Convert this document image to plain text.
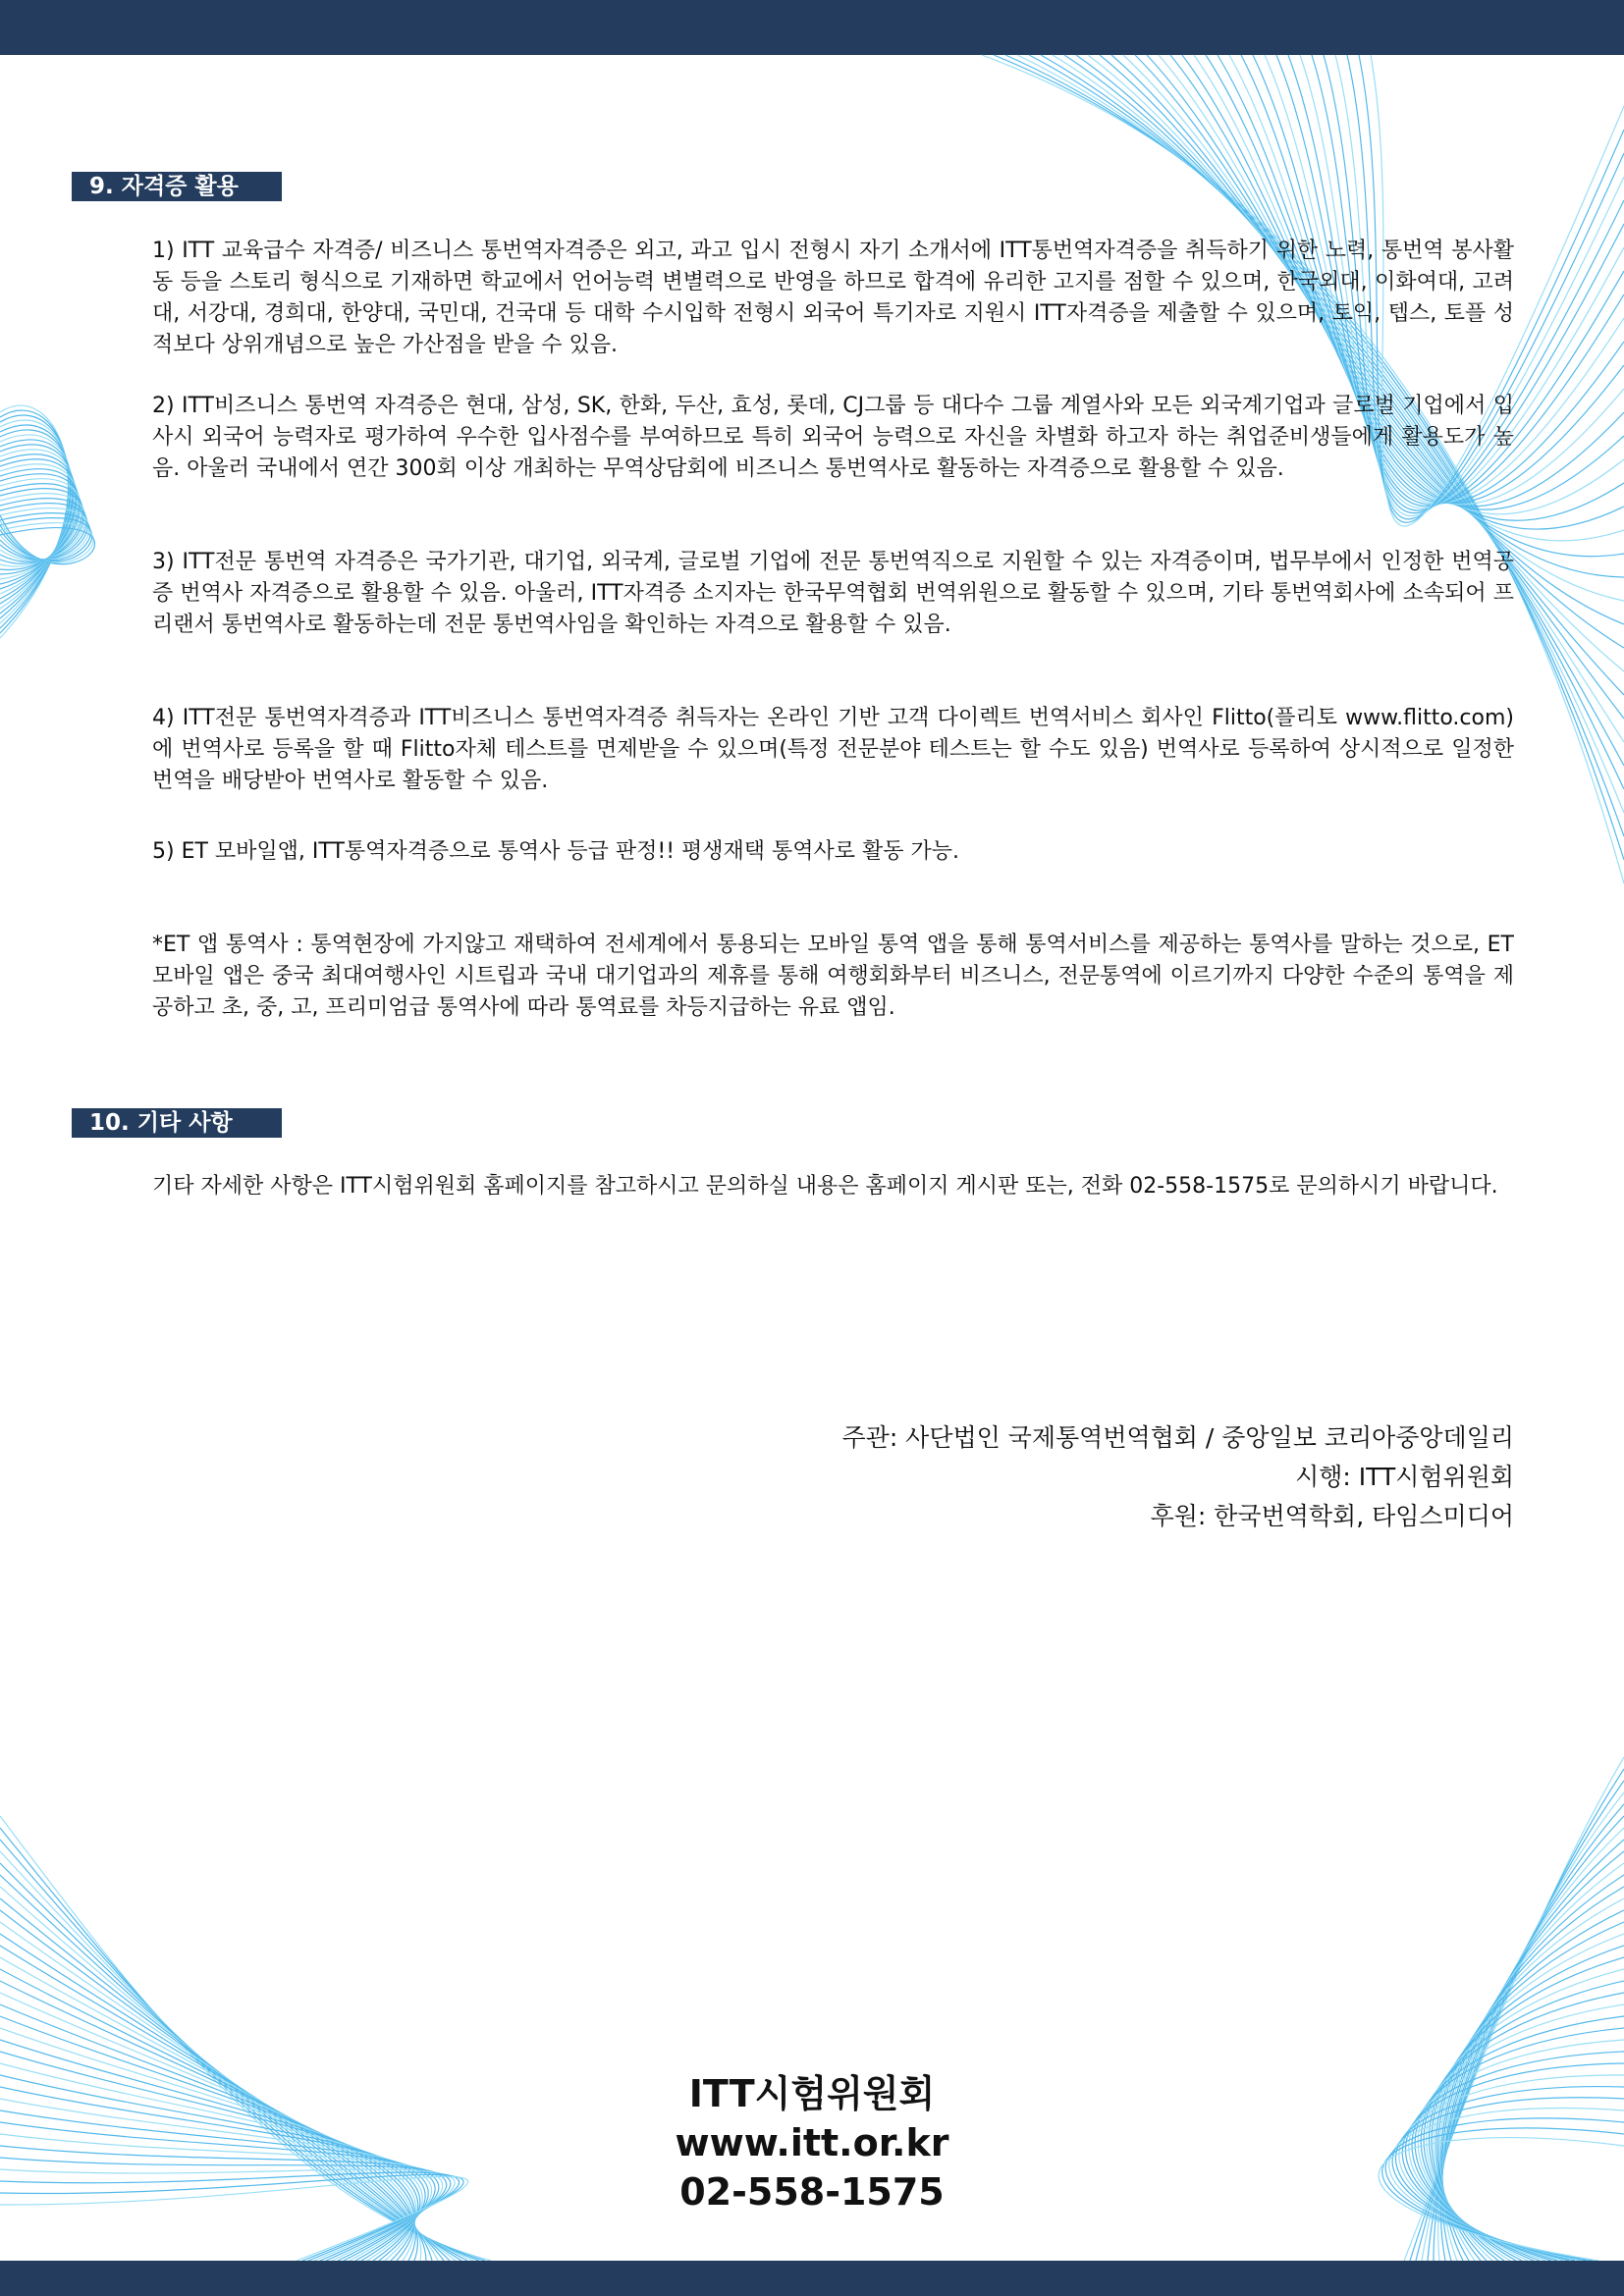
9. 자격증 활용

1) ITT 교육급수 자격증/ 비즈니스 통번역자격증은 외고, 과고 입시 전형시 자기 소개서에 ITT통번역자격증을 취득하기 위한 노력, 통번역 봉사활동 등을 스토리 형식으로 기재하면 학교에서 언어능력 변별력으로 반영을 하므로 합격에 유리한 고지를 점할 수 있으며, 한국외대, 이화여대, 고려대, 서강대, 경희대, 한양대, 국민대, 건국대 등 대학 수시입학 전형시 외국어 특기자로 지원시 ITT자격증을 제출할 수 있으며, 토익, 텝스, 토플 성적보다 상위개념으로 높은 가산점을 받을 수 있음.

2) ITT비즈니스 통번역 자격증은 현대, 삼성, SK, 한화, 두산, 효성, 롯데, CJ그룹 등 대다수 그룹 계열사와 모든 외국계기업과 글로벌 기업에서 입사시 외국어 능력자로 평가하여 우수한 입사점수를 부여하므로 특히 외국어 능력으로 자신을 차별화 하고자 하는 취업준비생들에게 활용도가 높음. 아울러 국내에서 연간 300회 이상 개최하는 무역상담회에 비즈니스 통번역사로 활동하는 자격증으로 활용할 수 있음.

3) ITT전문 통번역 자격증은 국가기관, 대기업, 외국계, 글로벌 기업에 전문 통번역직으로 지원할 수 있는 자격증이며, 법무부에서 인정한 번역공증 번역사 자격증으로 활용할 수 있음. 아울러, ITT자격증 소지자는 한국무역협회 번역위원으로 활동할 수 있으며, 기타 통번역회사에 소속되어 프리랜서 통번역사로 활동하는데 전문 통번역사임을 확인하는 자격으로 활용할 수 있음.

4) ITT전문 통번역자격증과 ITT비즈니스 통번역자격증 취득자는 온라인 기반 고객 다이렉트 번역서비스 회사인 Flitto(플리토 www.flitto.com)에 번역사로 등록을 할 때 Flitto자체 테스트를 면제받을 수 있으며(특정 전문분야 테스트는 할 수도 있음) 번역사로 등록하여 상시적으로 일정한 번역을 배당받아 번역사로 활동할 수 있음.

5) ET 모바일앱, ITT통역자격증으로 통역사 등급 판정!! 평생재택 통역사로 활동 가능.

*ET 앱 통역사 : 통역현장에 가지않고 재택하여 전세계에서 통용되는 모바일 통역 앱을 통해 통역서비스를 제공하는 통역사를 말하는 것으로, ET 모바일 앱은 중국 최대여행사인 시트립과 국내 대기업과의 제휴를 통해 여행회화부터 비즈니스, 전문통역에 이르기까지 다양한 수준의 통역을 제공하고 초, 중, 고, 프리미엄급 통역사에 따라 통역료를 차등지급하는 유료 앱임.

10. 기타 사항

기타 자세한 사항은 ITT시험위원회 홈페이지를 참고하시고 문의하실 내용은 홈페이지 게시판 또는, 전화 02-558-1575로 문의하시기 바랍니다.

주관: 사단법인 국제통역번역협회 / 중앙일보 코리아중앙데일리
시행: ITT시험위원회
후원: 한국번역학회, 타임스미디어
ITT시험위원회
www.itt.or.kr
02-558-1575
